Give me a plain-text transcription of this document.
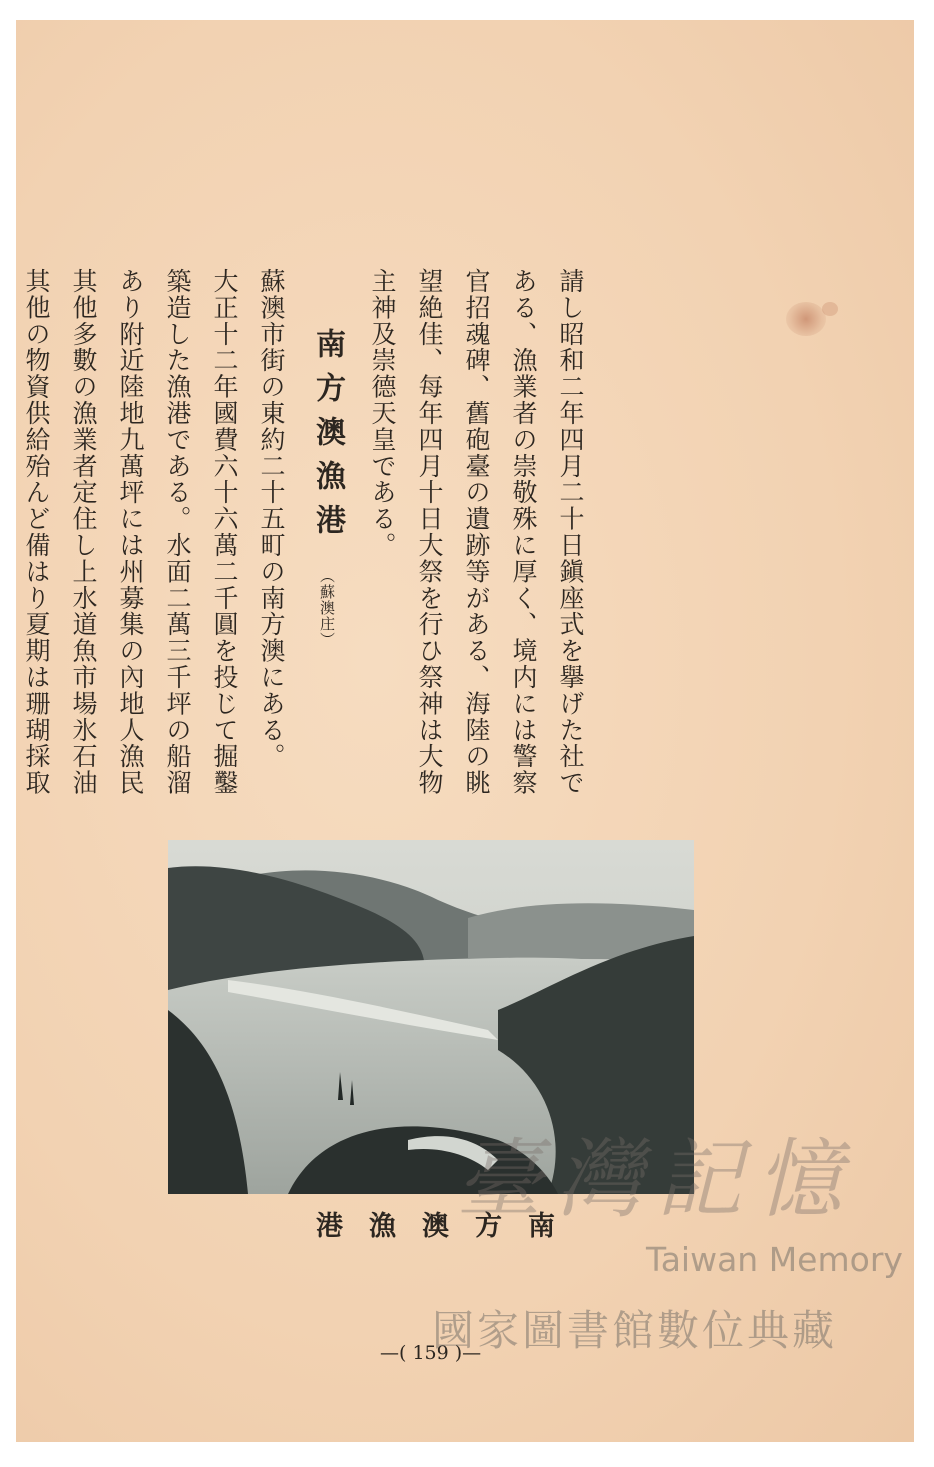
請し昭和二年四月二十日鎭座式を擧げた社で
ある、漁業者の崇敬殊に厚く、境内には警察
官招魂碑、舊砲臺の遺跡等がある、海陸の眺
望絶佳、每年四月十日大祭を行ひ祭神は大物
主神及崇德天皇である。
南方澳漁港（蘇澳庄）
蘇澳市街の東約二十五町の南方澳にある。
大正十二年國費六十六萬二千圓を投じて掘鑿
築造した漁港である。水面二萬三千坪の船溜
あり附近陸地九萬坪には州募集の內地人漁民
其他多數の漁業者定住し上水道魚市場氷石油
其他の物資供給殆んど備はり夏期は珊瑚採取
港漁澳方南
—( 159 )—
臺灣記憶
Taiwan Memory
國家圖書館數位典藏
